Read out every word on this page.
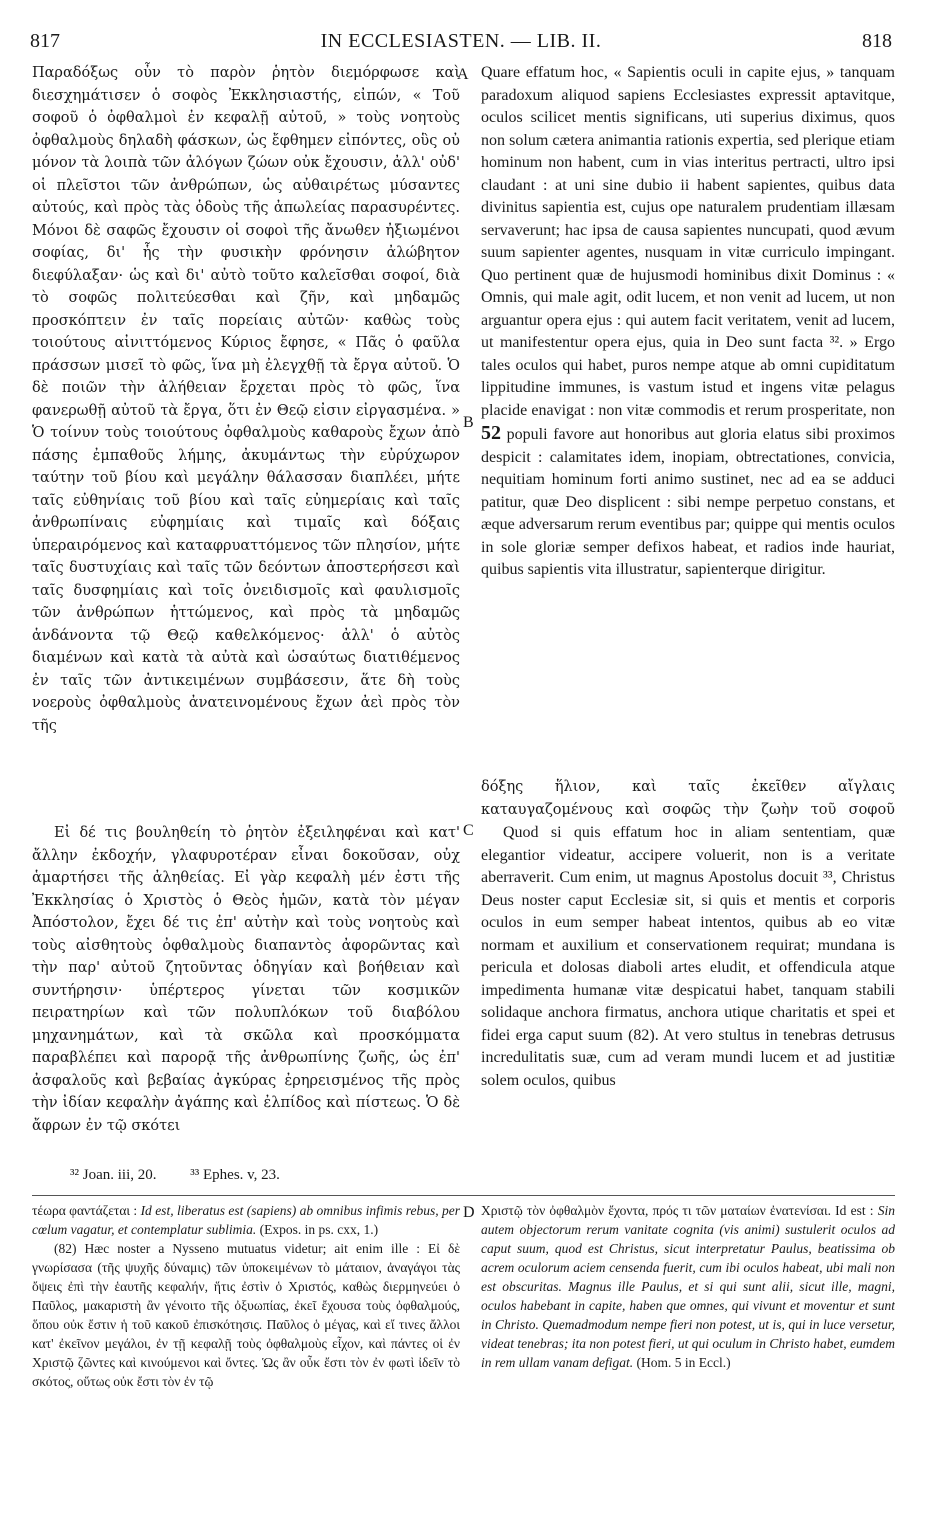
817	IN ECCLESIASTEN. — LIB. II.	818
A
B
C
D

Παραδόξως οὖν τὸ παρὸν ῥητὸν διεμόρφωσε καὶ διεσχημάτισεν ὁ σοφὸς Ἐκκλησιαστής, εἰπών, « Τοῦ σοφοῦ ὁ ὀφθαλμοὶ ἐν κεφαλῇ αὐτοῦ, » τοὺς νοητοὺς ὀφθαλμοὺς δηλαδὴ φάσκων, ὡς ἔφθημεν εἰπόντες, οὓς οὐ μόνον τὰ λοιπὰ τῶν ἀλόγων ζώων οὐκ ἔχουσιν, ἀλλ' οὐδ' οἱ πλεῖστοι τῶν ἀνθρώπων, ὡς αὐθαιρέτως μύσαντες αὐτούς, καὶ πρὸς τὰς ὁδοὺς τῆς ἀπωλείας παρασυρέντες. Μόνοι δὲ σαφῶς ἔχουσιν οἱ σοφοὶ τῆς ἄνωθεν ἠξιωμένοι σοφίας, δι' ἧς τὴν φυσικὴν φρόνησιν ἀλώβητον διεφύλαξαν· ὡς καὶ δι' αὐτὸ τοῦτο καλεῖσθαι σοφοί, διὰ τὸ σοφῶς πολιτεύεσθαι καὶ ζῆν, καὶ μηδαμῶς προσκόπτειν ἐν ταῖς πορείαις αὐτῶν· καθὼς τοὺς τοιούτους αἰνιττόμενος Κύριος ἔφησε, « Πᾶς ὁ φαῦλα πράσσων μισεῖ τὸ φῶς, ἵνα μὴ ἐλεγχθῇ τὰ ἔργα αὐτοῦ. Ὁ δὲ ποιῶν τὴν ἀλήθειαν ἔρχεται πρὸς τὸ φῶς, ἵνα φανερωθῇ αὐτοῦ τὰ ἔργα, ὅτι ἐν Θεῷ εἰσιν εἰργασμένα. » Ὁ τοίνυν τοὺς τοιούτους ὀφθαλμοὺς καθαροὺς ἔχων ἀπὸ πάσης ἐμπαθοῦς λήμης, ἀκυμάντως τὴν εὐρύχωρον ταύτην τοῦ βίου καὶ μεγάλην θάλασσαν διαπλέει, μήτε ταῖς εὐθηνίαις τοῦ βίου καὶ ταῖς εὐημερίαις καὶ ταῖς ἀνθρωπίναις εὐφημίαις καὶ τιμαῖς καὶ δόξαις ὑπεραιρόμενος καὶ καταφρυαττόμενος τῶν πλησίον, μήτε ταῖς δυστυχίαις καὶ ταῖς τῶν δεόντων ἀποστερήσεσι καὶ ταῖς δυσφημίαις καὶ τοῖς ὀνειδισμοῖς καὶ φαυλισμοῖς τῶν ἀνθρώπων ἡττώμενος, καὶ πρὸς τὰ μηδαμῶς ἁνδάνοντα τῷ Θεῷ καθελκόμενος· ἀλλ' ὁ αὐτὸς διαμένων καὶ κατὰ τὰ αὐτὰ καὶ ὡσαύτως διατιθέμενος ἐν ταῖς τῶν ἀντικειμένων συμβάσεσιν, ἅτε δὴ τοὺς νοεροὺς ὀφθαλμοὺς ἀνατεινομένους ἔχων ἀεὶ πρὸς τὸν τῆς

Quare effatum hoc, « Sapientis oculi in capite ejus, » tanquam paradoxum aliquod sapiens Ecclesiastes expressit aptavitque, oculos scilicet mentis significans, uti superius diximus, quos non solum cætera animantia rationis expertia, sed plerique etiam hominum non habent, cum in vias interitus pertracti, ultro ipsi claudant : at uni sine dubio ii habent sapientes, quibus data divinitus sapientia est, cujus ope naturalem prudentiam illæsam servaverunt; hac ipsa de causa sapientes nuncupati, quod ævum suum sapienter agentes, nusquam in vitæ curriculo impingant. Quo pertinent quæ de hujusmodi hominibus dixit Dominus : « Omnis, qui male agit, odit lucem, et non venit ad lucem, ut non arguantur opera ejus : qui autem facit veritatem, venit ad lucem, ut manifestentur opera ejus, quia in Deo sunt facta ³². » Ergo tales oculos qui habet, puros nempe atque ab omni cupiditatum lippitudine immunes, is vastum istud et ingens vitæ pelagus placide enavigat : non vitæ commodis et rerum prosperitate, non 52 populi favore aut honoribus aut gloria elatus sibi proximos despicit : calamitates idem, inopiam, obtrectationes, convicia, nequitiam hominum forti animo sustinet, nec ad ea se adduci patitur, quæ Deo displicent : sibi nempe perpetuo constans, et æque adversarum rerum eventibus par; quippe qui mentis oculos in sole gloriæ semper defixos habeat, et radios inde hauriat, quibus sapientis vita illustratur, sapienterque dirigitur.

δόξης ἥλιον, καὶ ταῖς ἐκεῖθεν αἴγλαις καταυγαζομένους καὶ σοφῶς τὴν ζωὴν τοῦ σοφοῦ

Εἰ δέ τις βουληθείη τὸ ῥητὸν ἐξειληφέναι καὶ κατ' ἄλλην ἐκδοχήν, γλαφυροτέραν εἶναι δοκοῦσαν, οὐχ ἁμαρτήσει τῆς ἀληθείας. Εἰ γὰρ κεφαλὴ μέν ἐστι τῆς Ἐκκλησίας ὁ Χριστὸς ὁ Θεὸς ἡμῶν, κατὰ τὸν μέγαν Ἀπόστολον, ἔχει δέ τις ἐπ' αὐτὴν καὶ τοὺς νοητοὺς καὶ τοὺς αἰσθητοὺς ὀφθαλμοὺς διαπαντὸς ἀφορῶντας καὶ τὴν παρ' αὐτοῦ ζητοῦντας ὁδηγίαν καὶ βοήθειαν καὶ συντήρησιν· ὑπέρτερος γίνεται τῶν κοσμικῶν πειρατηρίων καὶ τῶν πολυπλόκων τοῦ διαβόλου μηχανημάτων, καὶ τὰ σκῶλα καὶ προσκόμματα παραβλέπει καὶ παρορᾷ τῆς ἀνθρωπίνης ζωῆς, ὡς ἐπ' ἀσφαλοῦς καὶ βεβαίας ἀγκύρας ἐρηρεισμένος τῆς πρὸς τὴν ἰδίαν κεφαλὴν ἀγάπης καὶ ἐλπίδος καὶ πίστεως. Ὁ δὲ ἄφρων ἐν τῷ σκότει

Quod si quis effatum hoc in aliam sententiam, quæ elegantior videatur, accipere voluerit, non is a veritate aberraverit. Cum enim, ut magnus Apostolus docuit ³³, Christus Deus noster caput Ecclesiæ sit, si quis et mentis et corporis oculos in eum semper habeat intentos, quibus ab eo vitæ normam et auxilium et conservationem requirat; mundana is pericula et dolosas diaboli artes eludit, et offendicula atque impedimenta humanæ vitæ despicatui habet, tanquam stabili solidaque anchora firmatus, anchora utique charitatis et spei et fidei erga caput suum (82). At vero stultus in tenebras detrusus incredulitatis suæ, cum ad veram mundi lucem et ad justitiæ solem oculos, quibus

³² Joan. iii, 20. ³³ Ephes. v, 23.

τέωρα φαντάζεται : Id est, liberatus est (sapiens) ab omnibus infimis rebus, per cœlum vagatur, et contemplatur sublimia. (Expos. in ps. cxx, 1.)

(82) Hæc noster a Nysseno mutuatus videtur; ait enim ille : Εἰ δὲ γνωρίσασα (τῆς ψυχῆς δύναμις) τῶν ὑποκειμένων τὸ μάταιον, ἀναγάγοι τὰς ὄψεις ἐπὶ τὴν ἑαυτῆς κεφαλήν, ἥτις ἐστὶν ὁ Χριστός, καθὼς διερμηνεύει ὁ Παῦλος, μακαριστὴ ἂν γένοιτο τῆς ὀξυωπίας, ἐκεῖ ἔχουσα τοὺς ὀφθαλμούς, ὅπου οὐκ ἔστιν ἡ τοῦ κακοῦ ἐπισκότησις. Παῦλος ὁ μέγας, καὶ εἴ τινες ἄλλοι κατ' ἐκεῖνον μεγάλοι, ἐν τῇ κεφαλῇ τοὺς ὀφθαλμοὺς εἶχον, καὶ πάντες οἱ ἐν Χριστῷ ζῶντες καὶ κινούμενοι καὶ ὄντες. Ὡς ἂν οὖκ ἔστι τὸν ἐν φωτὶ ἰδεῖν τὸ σκότος, οὕτως οὐκ ἔστι τὸν ἐν τῷ

Χριστῷ τὸν ὀφθαλμὸν ἔχοντα, πρός τι τῶν ματαίων ἐνατενίσαι. Id est : Sin autem objectorum rerum vanitate cognita (vis animi) sustulerit oculos ad caput suum, quod est Christus, sicut interpretatur Paulus, beatissima ob acrem oculorum aciem censenda fuerit, cum ibi oculos habeat, ubi mali non est obscuritas. Magnus ille Paulus, et si qui sunt alii, sicut ille, magni, oculos habebant in capite, haben que omnes, qui vivunt et moventur et sunt in Christo. Quemadmodum nempe fieri non potest, ut is, qui in luce versetur, videat tenebras; ita non potest fieri, ut qui oculum in Christo habet, eumdem in rem ullam vanam defigat. (Hom. 5 in Eccl.)
